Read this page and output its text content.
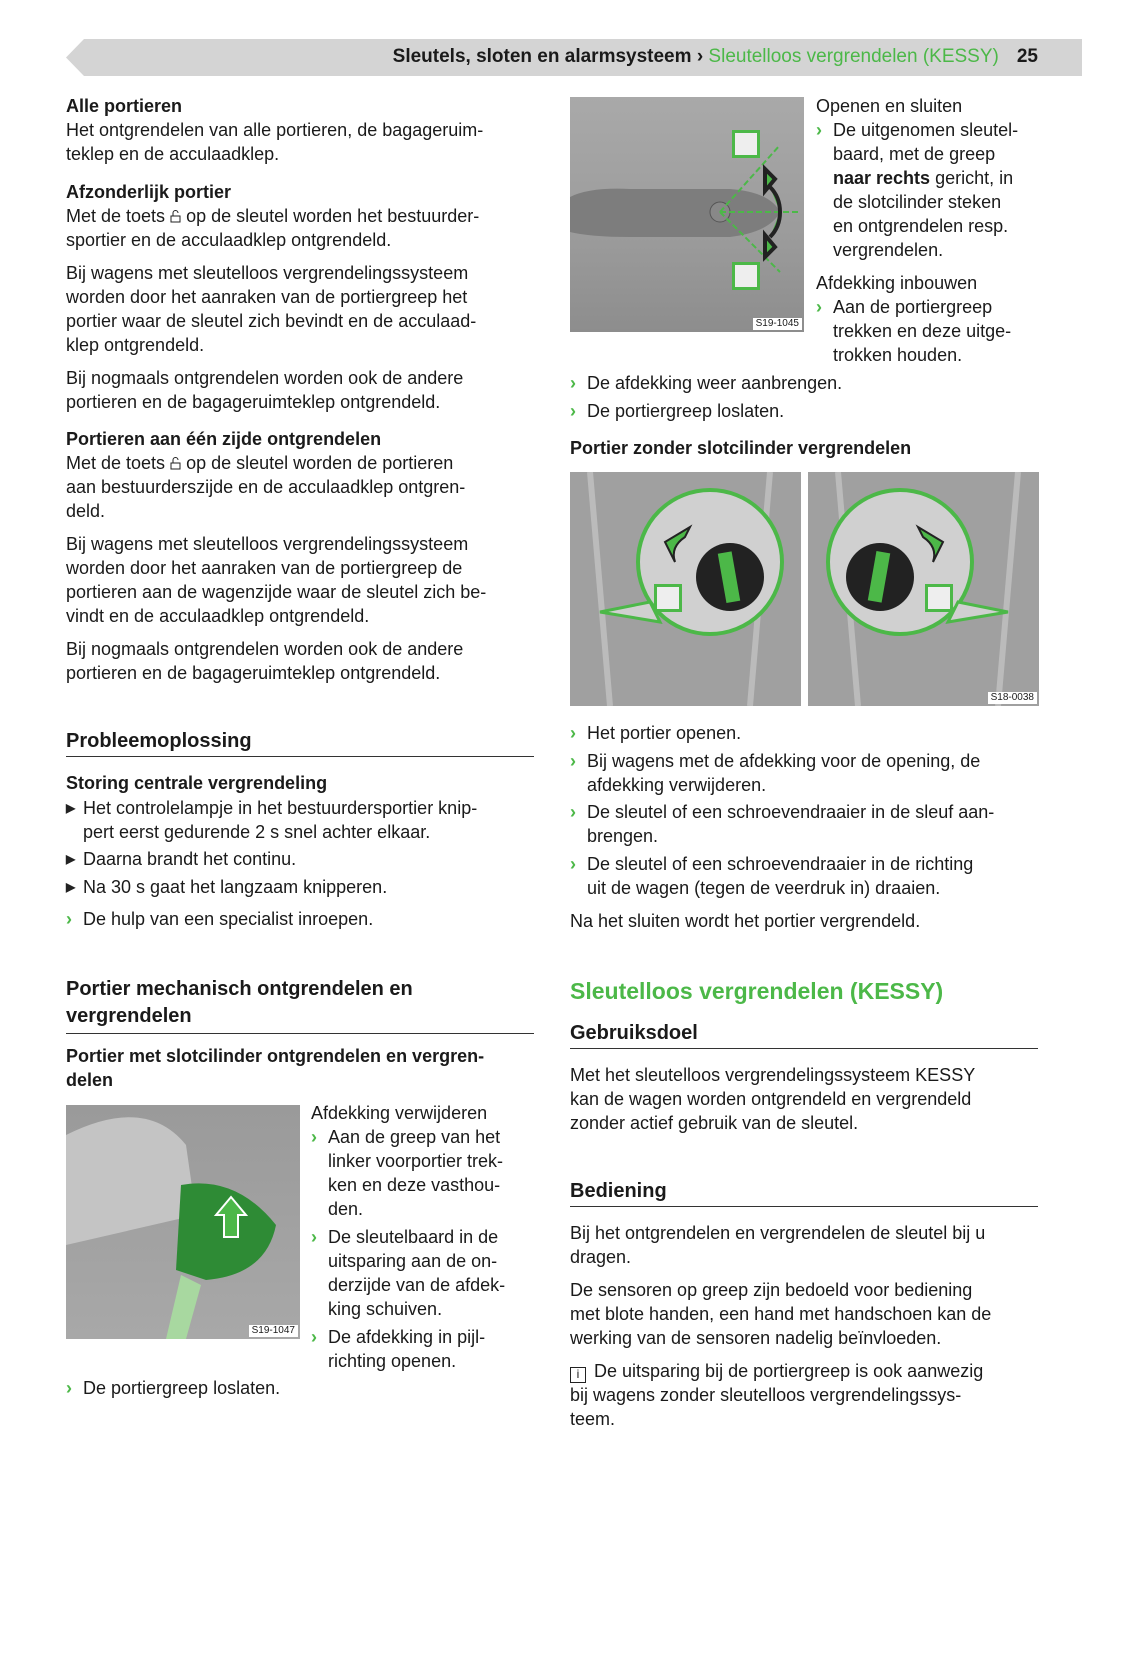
Sleutels, sloten en alarmsysteem › Sleutelloos vergrendelen (KESSY) 25
Alle portieren
Het ontgrendelen van alle portieren, de bagageruim-
teklep en de acculaadklep.
Afzonderlijk portier
Met de toets  op de sleutel worden het bestuurder-
sportier en de acculaadklep ontgrendeld.
Bij wagens met sleutelloos vergrendelingssysteem
worden door het aanraken van de portiergreep het
portier waar de sleutel zich bevindt en de acculaad-
klep ontgrendeld.
Bij nogmaals ontgrendelen worden ook de andere
portieren en de bagageruimteklep ontgrendeld.
Portieren aan één zijde ontgrendelen
Met de toets  op de sleutel worden de portieren
aan bestuurderszijde en de acculaadklep ontgren-
deld.
Bij wagens met sleutelloos vergrendelingssysteem
worden door het aanraken van de portiergreep de
portieren aan de wagenzijde waar de sleutel zich be-
vindt en de acculaadklep ontgrendeld.
Bij nogmaals ontgrendelen worden ook de andere
portieren en de bagageruimteklep ontgrendeld.
Probleemoplossing
Storing centrale vergrendeling
▶ Het controlelampje in het bestuurdersportier knip-
pert eerst gedurende 2 s snel achter elkaar.
▶ Daarna brandt het continu.
▶ Na 30 s gaat het langzaam knipperen.
› De hulp van een specialist inroepen.
Portier mechanisch ontgrendelen en
vergrendelen
Portier met slotcilinder ontgrendelen en vergren-
delen
S19-1047
Afdekking verwijderen
› Aan de greep van het
linker voorportier trek-
ken en deze vasthou-
den.
› De sleutelbaard in de
uitsparing aan de on-
derzijde van de afdek-
king schuiven.
› De afdekking in pijl-
richting openen.
› De portiergreep loslaten.
S19-1045
Openen en sluiten
› De uitgenomen sleutel-
baard, met de greep
naar rechts gericht, in
de slotcilinder steken
en ontgrendelen resp.
vergrendelen.
Afdekking inbouwen
› Aan de portiergreep
trekken en deze uitge-
trokken houden.
› De afdekking weer aanbrengen.
› De portiergreep loslaten.
Portier zonder slotcilinder vergrendelen
S18-0038
› Het portier openen.
› Bij wagens met de afdekking voor de opening, de
afdekking verwijderen.
› De sleutel of een schroevendraaier in de sleuf aan-
brengen.
› De sleutel of een schroevendraaier in de richting
uit de wagen (tegen de veerdruk in) draaien.
Na het sluiten wordt het portier vergrendeld.
Sleutelloos vergrendelen (KESSY)
Gebruiksdoel
Met het sleutelloos vergrendelingssysteem KESSY
kan de wagen worden ontgrendeld en vergrendeld
zonder actief gebruik van de sleutel.
Bediening
Bij het ontgrendelen en vergrendelen de sleutel bij u
dragen.
De sensoren op greep zijn bedoeld voor bediening
met blote handen, een hand met handschoen kan de
werking van de sensoren nadelig beïnvloeden.
i De uitsparing bij de portiergreep is ook aanwezig
bij wagens zonder sleutelloos vergrendelingssys-
teem.
